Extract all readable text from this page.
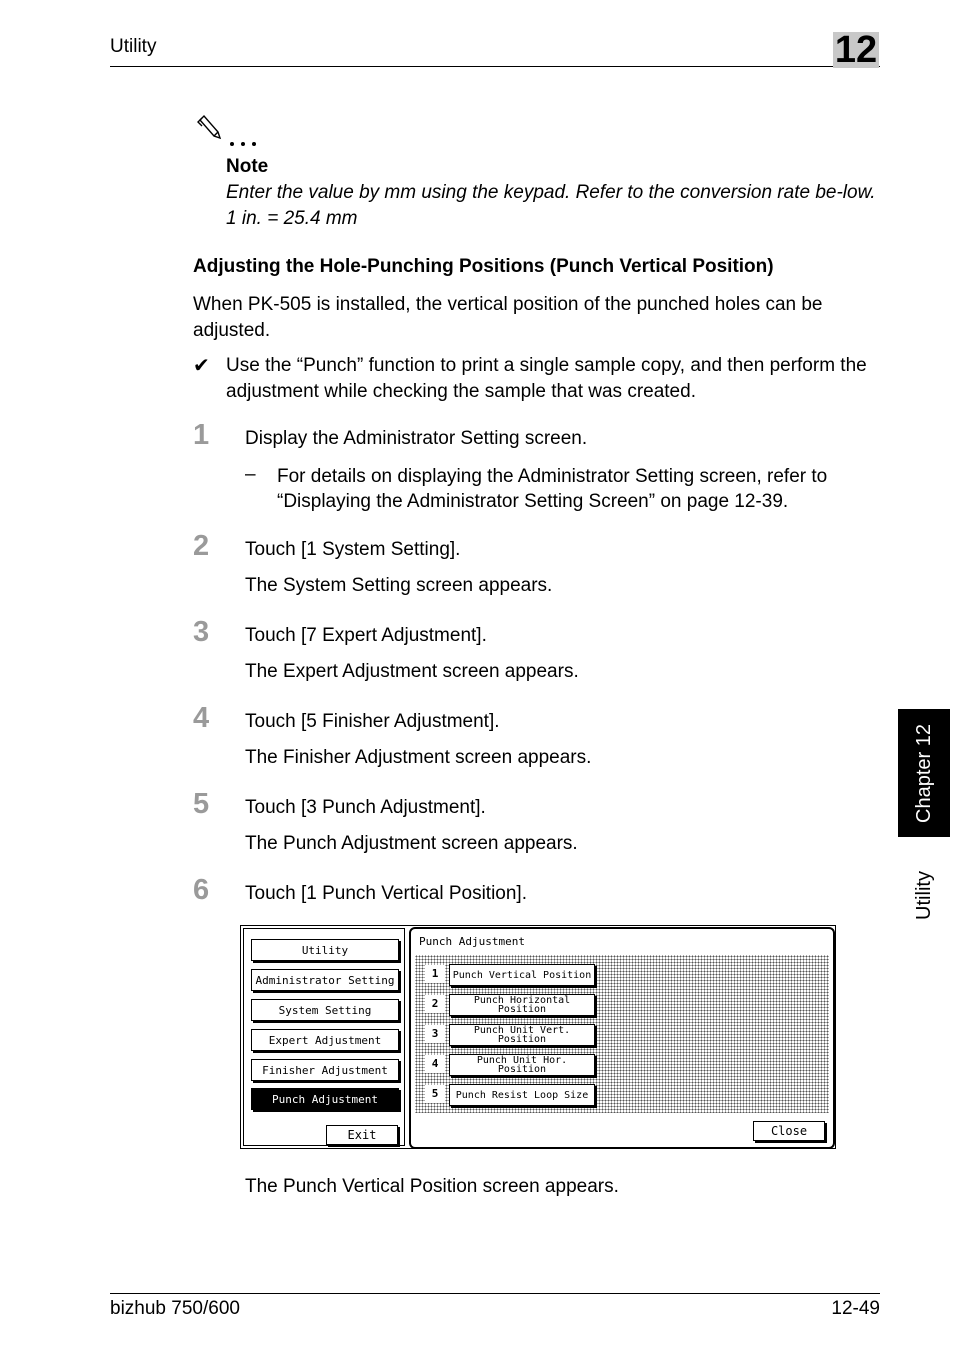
Utility	12
Note
Enter the value by mm using the keypad. Refer to the conversion rate be-low. 1 in. = 25.4 mm
Adjusting the Hole-Punching Positions (Punch Vertical Position)
When PK-505 is installed, the vertical position of the punched holes can be adjusted.
✔ Use the “Punch” function to print a single sample copy, and then perform the adjustment while checking the sample that was created.
1 Display the Administrator Setting screen.
– For details on displaying the Administrator Setting screen, refer to “Displaying the Administrator Setting Screen” on page 12-39.
2 Touch [1 System Setting].
The System Setting screen appears.
3 Touch [7 Expert Adjustment].
The Expert Adjustment screen appears.
4 Touch [5 Finisher Adjustment].
The Finisher Adjustment screen appears.
5 Touch [3 Punch Adjustment].
The Punch Adjustment screen appears.
6 Touch [1 Punch Vertical Position].
Utility
Administrator Setting
System Setting
Expert Adjustment
Finisher Adjustment
Punch Adjustment
Exit
Punch Adjustment
1	Punch Vertical Position
2	Punch Horizontal Position
3	Punch Unit Vert. Position
4	Punch Unit Hor. Position
5	Punch Resist Loop Size
Close
The Punch Vertical Position screen appears.
Chapter 12
Utility
bizhub 750/600	12-49
